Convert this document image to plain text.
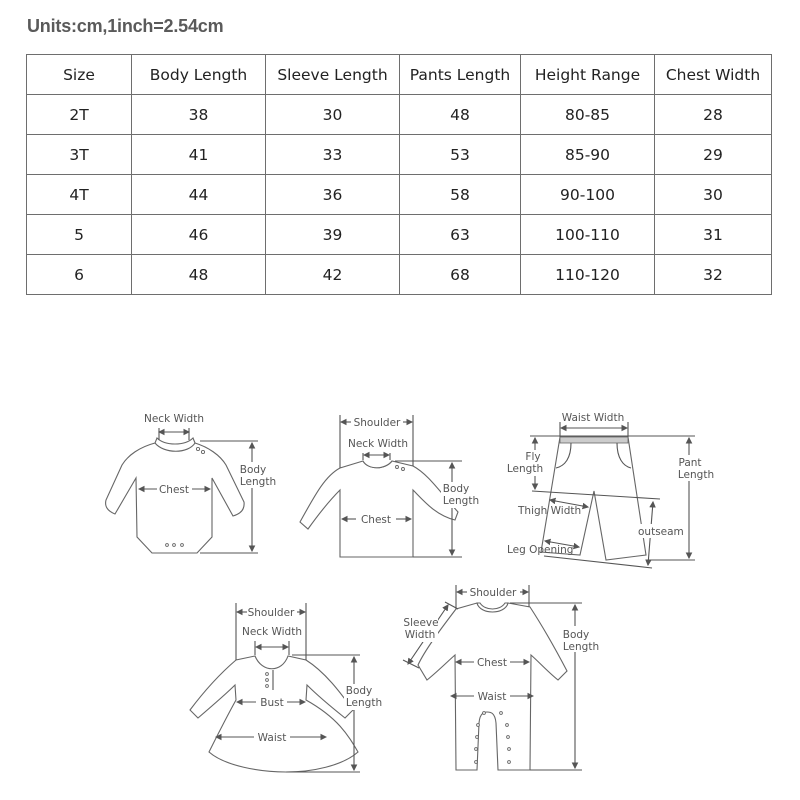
Units:cm,1inch=2.54cm
Size	Body Length	Sleeve Length	Pants Length	Height Range	Chest Width
2T	38	30	48	80-85	28
3T	41	33	53	85-90	29
4T	44	36	58	90-100	30
5	46	39	63	100-110	31
6	48	42	68	110-120	32
Neck Width
Chest
Body
Length
Shoulder
Neck Width
Chest
Body
Length
Waist Width
Fly
Length
Thigh Width
Leg Opening
outseam
Pant
Length
Shoulder
Neck Width
Bust
Waist
Body
Length
Shoulder
Sleeve
Width
Chest
Waist
Body
Length
